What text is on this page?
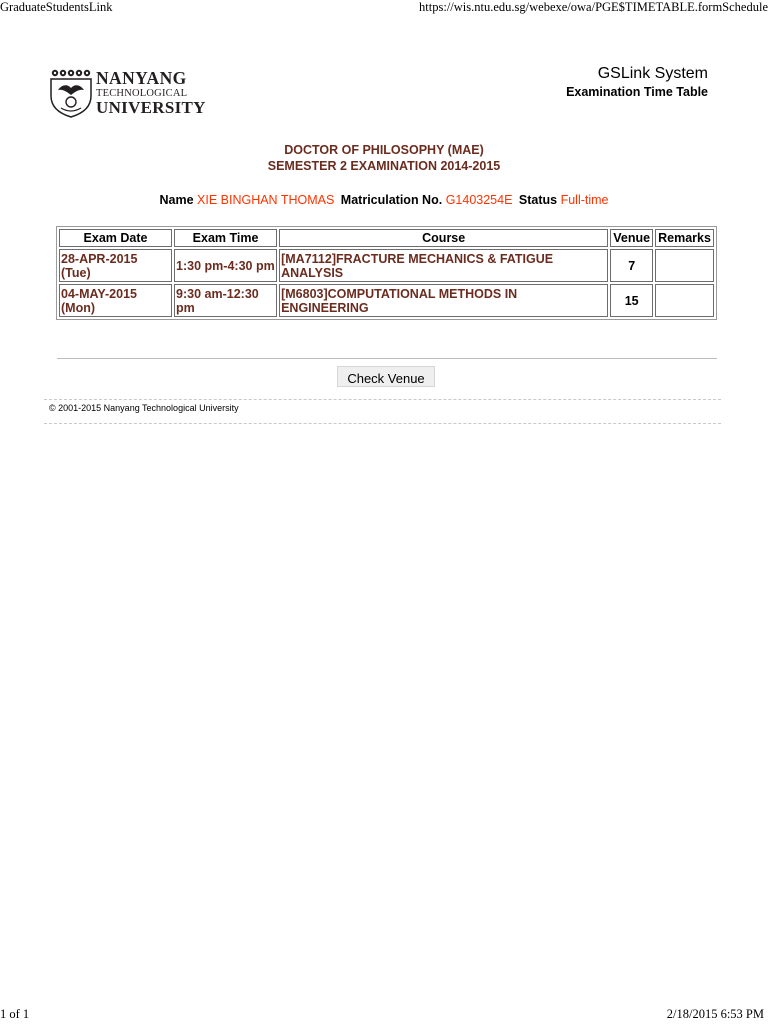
GraduateStudentsLink	https://wis.ntu.edu.sg/webexe/owa/PGE$TIMETABLE.formSchedule
NANYANG
TECHNOLOGICAL
UNIVERSITY
GSLink System
Examination Time Table
DOCTOR OF PHILOSOPHY (MAE)
SEMESTER 2 EXAMINATION 2014-2015
Name XIE BINGHAN THOMAS Matriculation No. G1403254E Status Full-time
Exam Date	Exam Time	Course	Venue	Remarks
28-APR-2015 (Tue)	1:30 pm-4:30 pm	[MA7112]FRACTURE MECHANICS & FATIGUE ANALYSIS	7	
04-MAY-2015 (Mon)	9:30 am-12:30 pm	[M6803]COMPUTATIONAL METHODS IN ENGINEERING	15	
Check Venue
© 2001-2015 Nanyang Technological University
1 of 1	2/18/2015 6:53 PM
